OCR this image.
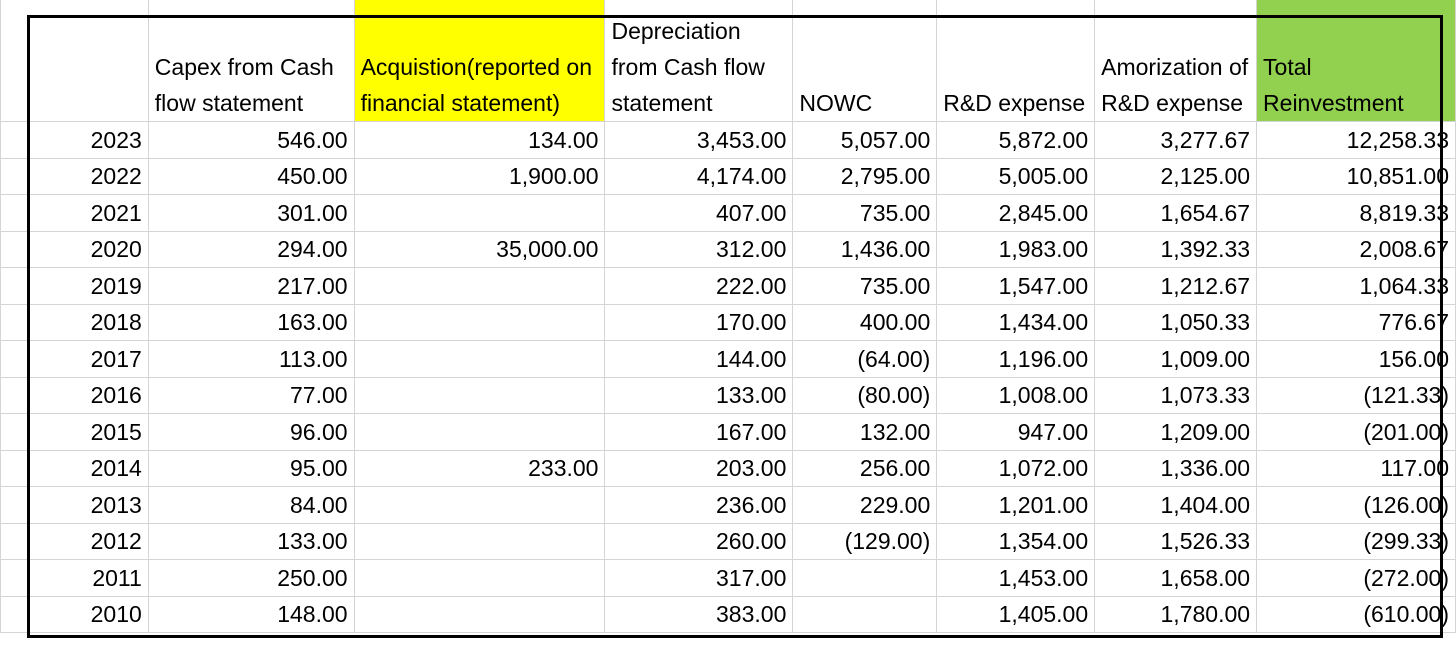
	Capex from Cash flow statement	Acquistion(reported on financial statement)	Depreciation from Cash flow statement	NOWC	R&D expense	Amorization of R&D expense	Total Reinvestment
2023	546.00	134.00	3,453.00	5,057.00	5,872.00	3,277.67	12,258.33
2022	450.00	1,900.00	4,174.00	2,795.00	5,005.00	2,125.00	10,851.00
2021	301.00		407.00	735.00	2,845.00	1,654.67	8,819.33
2020	294.00	35,000.00	312.00	1,436.00	1,983.00	1,392.33	2,008.67
2019	217.00		222.00	735.00	1,547.00	1,212.67	1,064.33
2018	163.00		170.00	400.00	1,434.00	1,050.33	776.67
2017	113.00		144.00	(64.00)	1,196.00	1,009.00	156.00
2016	77.00		133.00	(80.00)	1,008.00	1,073.33	(121.33)
2015	96.00		167.00	132.00	947.00	1,209.00	(201.00)
2014	95.00	233.00	203.00	256.00	1,072.00	1,336.00	117.00
2013	84.00		236.00	229.00	1,201.00	1,404.00	(126.00)
2012	133.00		260.00	(129.00)	1,354.00	1,526.33	(299.33)
2011	250.00		317.00		1,453.00	1,658.00	(272.00)
2010	148.00		383.00		1,405.00	1,780.00	(610.00)
